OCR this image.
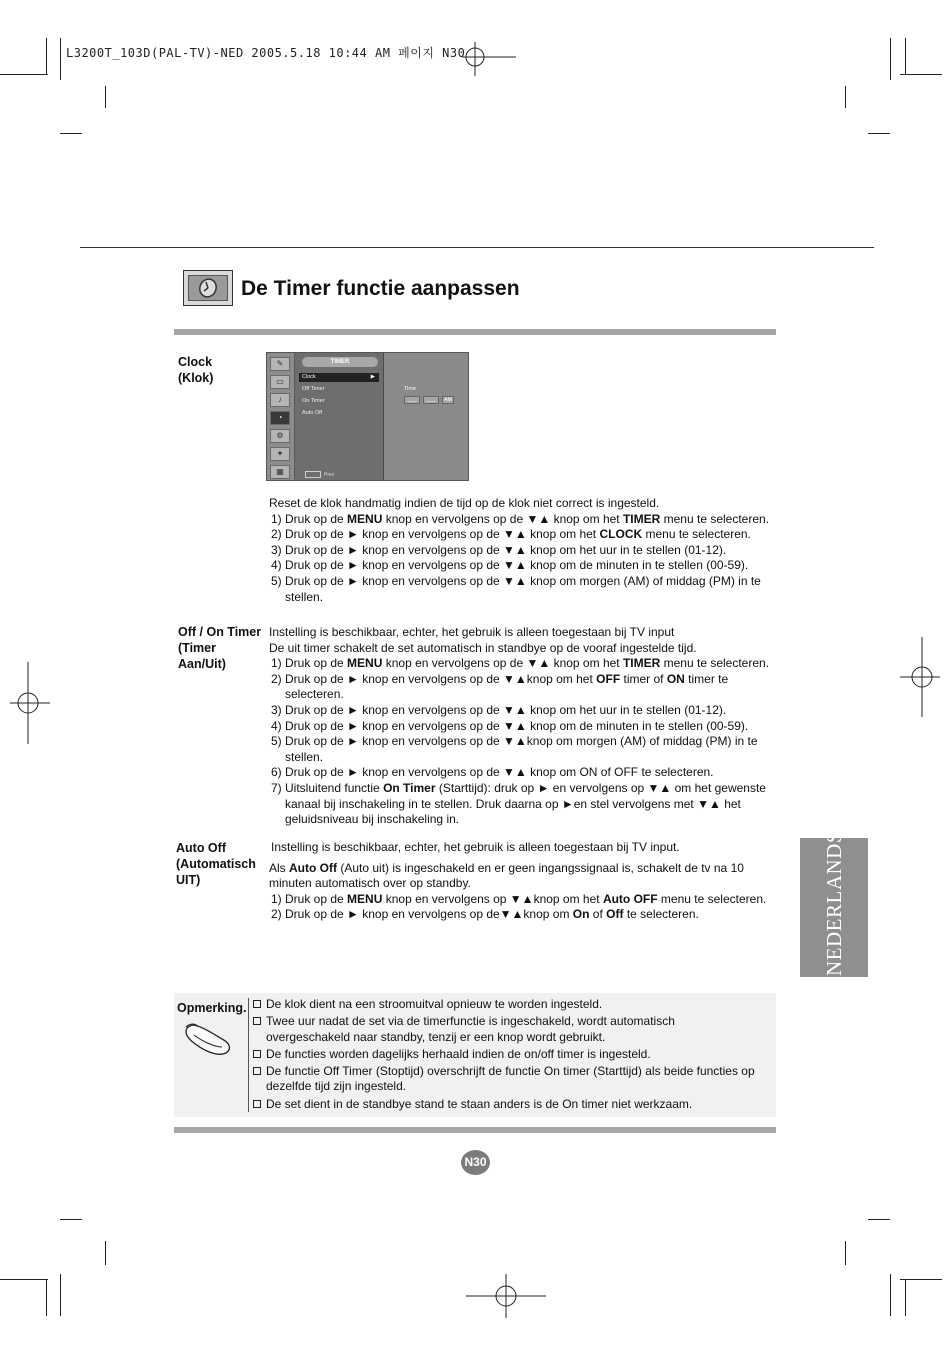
L3200T_103D(PAL-TV)-NED 2005.5.18 10:44 AM 페이지 N30
De Timer functie aanpassen
Clock
(Klok)
✎
▭
♪
◔
⚙
✦
▦
TIMER
Clock	▶
Off Timer
On Timer
Auto Off
Prev
Time
___	___	AM
Reset de klok handmatig indien de tijd op de klok niet correct is ingesteld.
1) Druk op de MENU knop en vervolgens op de ▼▲ knop om het TIMER menu te selecteren.
2) Druk op de ► knop en vervolgens op de ▼▲ knop om het CLOCK menu te selecteren.
3) Druk op de ► knop en vervolgens op de ▼▲ knop om het uur in te stellen (01-12).
4) Druk op de ► knop en vervolgens op de ▼▲ knop om de minuten in te stellen (00-59).
5) Druk op de ► knop en vervolgens op de ▼▲ knop om morgen (AM) of middag (PM) in te stellen.
Off / On Timer
(Timer
Aan/Uit)
Instelling is beschikbaar, echter, het gebruik is alleen toegestaan bij TV input
De uit timer schakelt de set automatisch in standbye op de vooraf ingestelde tijd.
1) Druk op de MENU knop en vervolgens op de ▼▲ knop om het TIMER menu te selecteren.
2) Druk op de ► knop en vervolgens op de ▼▲knop om het OFF timer of ON timer te selecteren.
3) Druk op de ► knop en vervolgens op de ▼▲ knop om het uur in te stellen (01-12).
4) Druk op de ► knop en vervolgens op de ▼▲ knop om de minuten in te stellen (00-59).
5) Druk op de ► knop en vervolgens op de ▼▲knop om morgen (AM) of middag (PM) in te stellen.
6) Druk op de ► knop en vervolgens op de ▼▲ knop om ON of OFF te selecteren.
7) Uitsluitend functie On Timer (Starttijd): druk op ► en vervolgens op ▼▲ om het gewenste kanaal bij inschakeling in te stellen. Druk daarna op ►en stel vervolgens met ▼▲ het geluidsniveau bij inschakeling in.
Auto Off
(Automatisch
UIT)
Instelling is beschikbaar, echter, het gebruik is alleen toegestaan bij TV input.
Als Auto Off (Auto uit) is ingeschakeld en er geen ingangssignaal is, schakelt de tv na 10 minuten automatisch over op standby.
1) Druk op de MENU knop en vervolgens op ▼▲knop om het Auto OFF menu te selecteren.
2) Druk op de ► knop en vervolgens op de▼▲knop om On of Off te selecteren.	NEDERLANDS
Opmerking.	De klok dient na een stroomuitval opnieuw te worden ingesteld.
Twee uur nadat de set via de timerfunctie is ingeschakeld, wordt automatisch overgeschakeld naar standby, tenzij er een knop wordt gebruikt.
De functies worden dagelijks herhaald indien de on/off timer is ingesteld.
De functie Off Timer (Stoptijd) overschrijft de functie On timer (Starttijd) als beide functies op dezelfde tijd zijn ingesteld.
De set dient in de standbye stand te staan anders is de On timer niet werkzaam.
N30
